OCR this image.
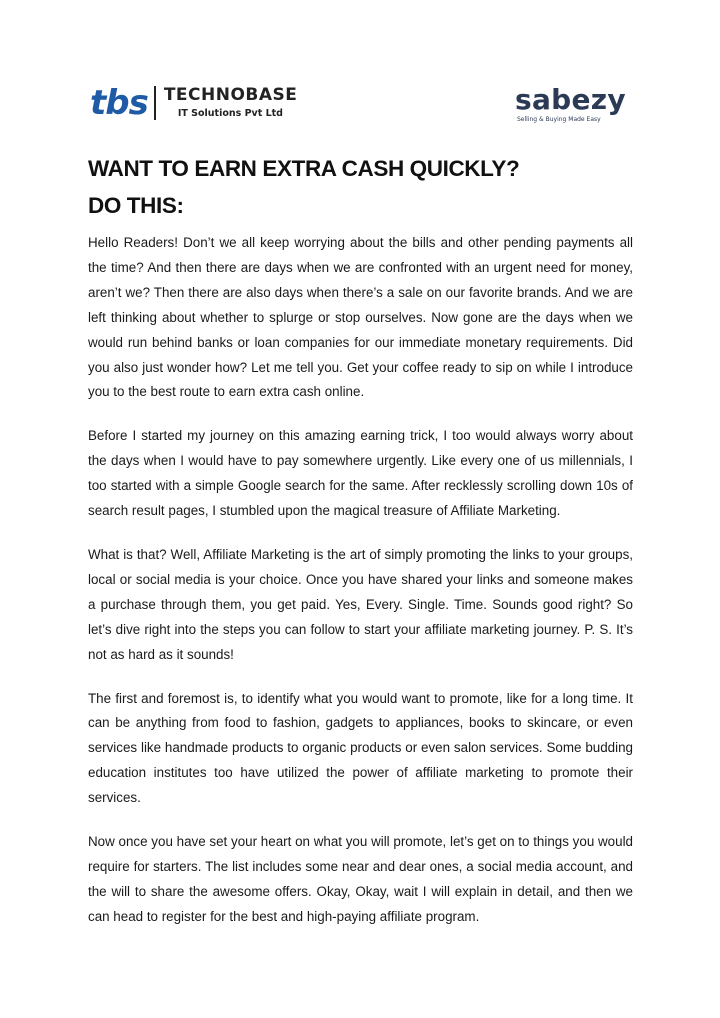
tbs TECHNOBASE
IT Solutions Pvt Ltd	sabezy
Selling & Buying Made Easy
WANT TO EARN EXTRA CASH QUICKLY?
DO THIS:

Hello Readers! Don’t we all keep worrying about the bills and other pending payments all the time? And then there are days when we are confronted with an urgent need for money, aren’t we? Then there are also days when there’s a sale on our favorite brands. And we are left thinking about whether to splurge or stop ourselves. Now gone are the days when we would run behind banks or loan companies for our immediate monetary requirements. Did you also just wonder how? Let me tell you. Get your coffee ready to sip on while I introduce you to the best route to earn extra cash online.

Before I started my journey on this amazing earning trick, I too would always worry about the days when I would have to pay somewhere urgently. Like every one of us millennials, I too started with a simple Google search for the same. After recklessly scrolling down 10s of search result pages, I stumbled upon the magical treasure of Affiliate Marketing.

What is that? Well, Affiliate Marketing is the art of simply promoting the links to your groups, local or social media is your choice. Once you have shared your links and someone makes a purchase through them, you get paid. Yes, Every. Single. Time. Sounds good right? So let’s dive right into the steps you can follow to start your affiliate marketing journey. P. S. It’s not as hard as it sounds!

The first and foremost is, to identify what you would want to promote, like for a long time. It can be anything from food to fashion, gadgets to appliances, books to skincare, or even services like handmade products to organic products or even salon services. Some budding education institutes too have utilized the power of affiliate marketing to promote their services.

Now once you have set your heart on what you will promote, let’s get on to things you would require for starters. The list includes some near and dear ones, a social media account, and the will to share the awesome offers. Okay, Okay, wait I will explain in detail, and then we can head to register for the best and high-paying affiliate program.
